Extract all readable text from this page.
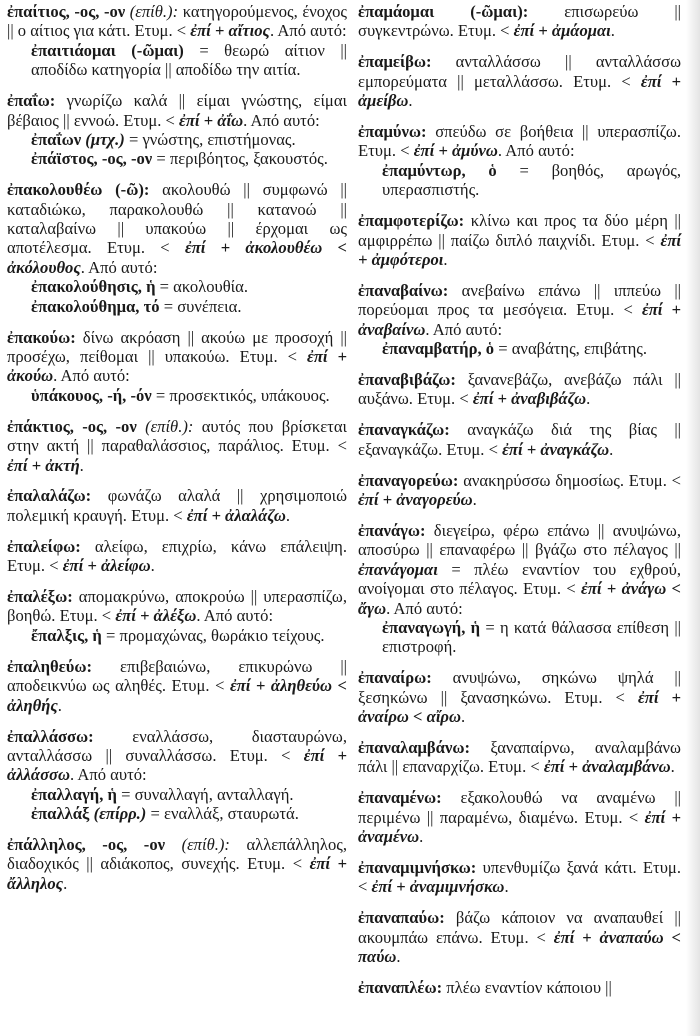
ἐπαίτιος, -ος, -ον (επίθ.): κατηγορούμενος, ένοχος || ο αίτιος για κάτι. Ετυμ. < ἐπί + αἴτιος. Από αυτό:
ἐπαιτιάομαι (-ῶμαι) = θεωρώ αίτιον || αποδίδω κατηγορία || αποδίδω την αιτία.
ἐπαΐω: γνωρίζω καλά || είμαι γνώστης, είμαι βέβαιος || εννοώ. Ετυμ. < ἐπί + ἀΐω. Από αυτό:
ἐπαΐων (μτχ.) = γνώστης, επιστήμονας.
ἐπάϊστος, -ος, -ον = περιβόητος, ξακουστός.
ἐπακολουθέω (-ῶ): ακολουθώ || συμφωνώ || καταδιώκω, παρακολουθώ || κατανοώ || καταλαβαίνω || υπακούω || έρχομαι ως αποτέλεσμα. Ετυμ. < ἐπί + ἀκολουθέω < ἀκόλουθος. Από αυτό:
ἐπακολούθησις, ἡ = ακολουθία.
ἐπακολούθημα, τό = συνέπεια.
ἐπακούω: δίνω ακρόαση || ακούω με προσοχή || προσέχω, πείθομαι || υπακούω. Ετυμ. < ἐπί + ἀκούω. Από αυτό:
ὑπάκουος, -ή, -όν = προσεκτικός, υπάκουος.
ἐπάκτιος, -ος, -ον (επίθ.): αυτός που βρίσκεται στην ακτή || παραθαλάσσιος, παράλιος. Ετυμ. < ἐπί + ἀκτή.
ἐπαλαλάζω: φωνάζω αλαλά || χρησιμοποιώ πολεμική κραυγή. Ετυμ. < ἐπί + ἀλαλάζω.
ἐπαλείφω: αλείφω, επιχρίω, κάνω επάλειψη. Ετυμ. < ἐπί + ἀλείφω.
ἐπαλέξω: απομακρύνω, αποκρούω || υπερασπίζω, βοηθώ. Ετυμ. < ἐπί + ἀλέξω. Από αυτό:
ἔπαλξις, ἡ = προμαχώνας, θωράκιο τείχους.
ἐπαληθεύω: επιβεβαιώνω, επικυρώνω || αποδεικνύω ως αληθές. Ετυμ. < ἐπί + ἀληθεύω < ἀληθής.
ἐπαλλάσσω: εναλλάσσω, διασταυρώνω, ανταλλάσσω || συναλλάσσω. Ετυμ. < ἐπί + ἀλλάσσω. Από αυτό:
ἐπαλλαγή, ἡ = συναλλαγή, ανταλλαγή.
ἐπαλλάξ (επίρρ.) = εναλλάξ, σταυρωτά.
ἐπάλληλος, -ος, -ον (επίθ.): αλλεπάλληλος, διαδοχικός || αδιάκοπος, συνεχής. Ετυμ. < ἐπί + ἄλληλος.
ἐπαμάομαι (-ῶμαι): επισωρεύω || συγκεντρώνω. Ετυμ. < ἐπί + ἀμάομαι.
ἐπαμείβω: ανταλλάσσω || ανταλλάσσω εμπορεύματα || μεταλλάσσω. Ετυμ. < ἐπί + ἀμείβω.
ἐπαμύνω: σπεύδω σε βοήθεια || υπερασπίζω. Ετυμ. < ἐπί + ἀμύνω. Από αυτό:
ἐπαμύντωρ, ὁ = βοηθός, αρωγός, υπερασπιστής.
ἐπαμφοτερίζω: κλίνω και προς τα δύο μέρη || αμφιρρέπω || παίζω διπλό παιχνίδι. Ετυμ. < ἐπί + ἀμφότεροι.
ἐπαναβαίνω: ανεβαίνω επάνω || ιππεύω || πορεύομαι προς τα μεσόγεια. Ετυμ. < ἐπί + ἀναβαίνω. Από αυτό:
ἐπαναμβατήρ, ὁ = αναβάτης, επιβάτης.
ἐπαναβιβάζω: ξανανεβάζω, ανεβάζω πάλι || αυξάνω. Ετυμ. < ἐπί + ἀναβιβάζω.
ἐπαναγκάζω: αναγκάζω διά της βίας || εξαναγκάζω. Ετυμ. < ἐπί + ἀναγκάζω.
ἐπαναγορεύω: ανακηρύσσω δημοσίως. Ετυμ. < ἐπί + ἀναγορεύω.
ἐπανάγω: διεγείρω, φέρω επάνω || ανυψώνω, αποσύρω || επαναφέρω || βγάζω στο πέλαγος || ἐπανάγομαι = πλέω εναντίον του εχθρού, ανοίγομαι στο πέλαγος. Ετυμ. < ἐπί + ἀνάγω < ἄγω. Από αυτό:
ἐπαναγωγή, ἡ = η κατά θάλασσα επίθεση || επιστροφή.
ἐπαναίρω: ανυψώνω, σηκώνω ψηλά || ξεσηκώνω || ξανασηκώνω. Ετυμ. < ἐπί + ἀναίρω < αἴρω.
ἐπαναλαμβάνω: ξαναπαίρνω, αναλαμβάνω πάλι || επαναρχίζω. Ετυμ. < ἐπί + ἀναλαμβάνω.
ἐπαναμένω: εξακολουθώ να αναμένω || περιμένω || παραμένω, διαμένω. Ετυμ. < ἐπί + ἀναμένω.
ἐπαναμιμνήσκω: υπενθυμίζω ξανά κάτι. Ετυμ. < ἐπί + ἀναμιμνήσκω.
ἐπαναπαύω: βάζω κάποιον να αναπαυθεί || ακουμπάω επάνω. Ετυμ. < ἐπί + ἀναπαύω < παύω.
ἐπαναπλέω: πλέω εναντίον κάποιου ||
